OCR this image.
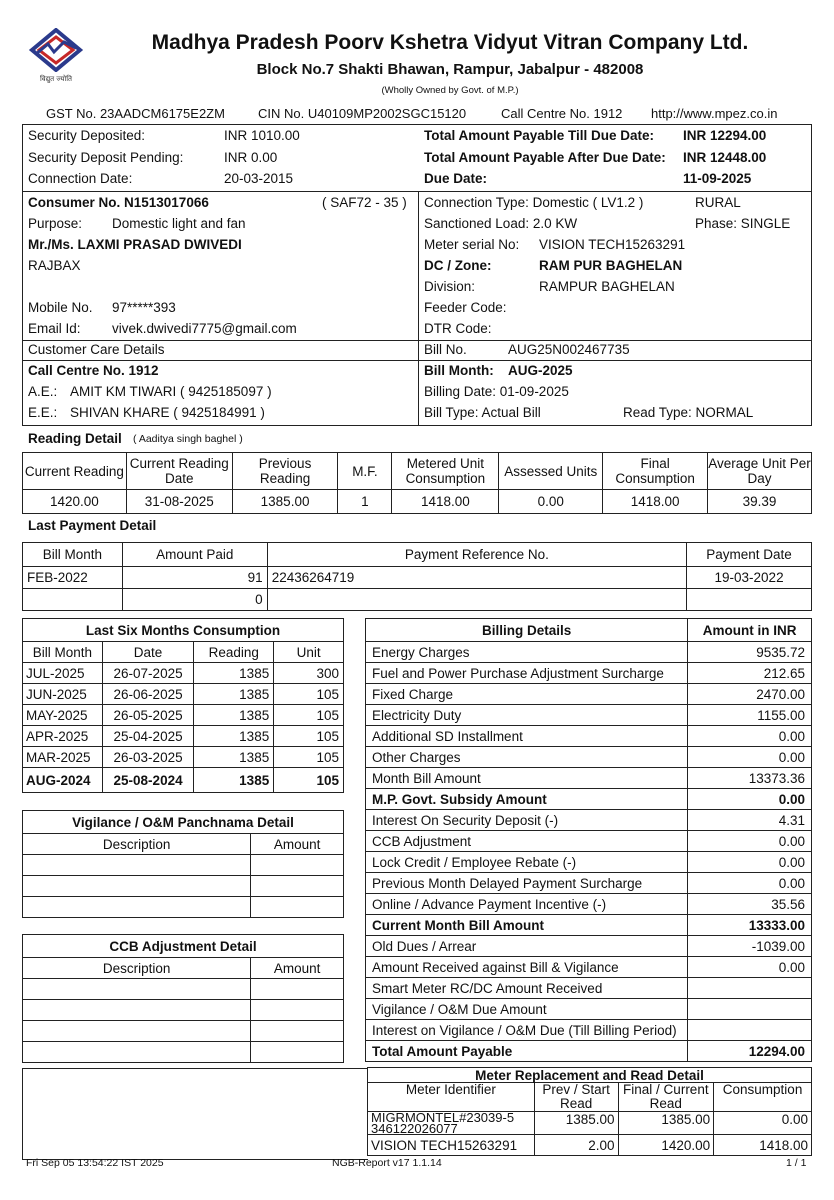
विद्युत ज्योति
Madhya Pradesh Poorv Kshetra Vidyut Vitran Company Ltd.
Block No.7 Shakti Bhawan, Rampur, Jabalpur - 482008
(Wholly Owned by Govt. of M.P.)
GST No. 23AADCM6175E2ZM	CIN No. U40109MP2002SGC15120	Call Centre No. 1912 http://www.mpez.co.in
Security Deposited:	INR 1010.00
Security Deposit Pending:	INR 0.00
Connection Date:	20-03-2015
Total Amount Payable Till Due Date: INR 12294.00
Total Amount Payable After Due Date: INR 12448.00
Due Date:	11-09-2025
Consumer No. N1513017066	( SAF72 - 35 )
Purpose: Domestic light and fan
Mr./Ms. LAXMI PRASAD DWIVEDI
RAJBAX
Mobile No. 97*****393
Email Id: vivek.dwivedi7775@gmail.com
Connection Type: Domestic ( LV1.2 )	RURAL
Sanctioned Load: 2.0 KW	Phase: SINGLE
Meter serial No: VISION TECH15263291
DC / Zone:	RAM PUR BAGHELAN
Division:	RAMPUR BAGHELAN
Feeder Code:
DTR Code:
Customer Care Details
Call Centre No. 1912
A.E.: AMIT KM TIWARI ( 9425185097 )
E.E.: SHIVAN KHARE ( 9425184991 )
Bill No.	AUG25N002467735
Bill Month: AUG-2025
Billing Date: 01-09-2025
Bill Type: Actual Bill	Read Type: NORMAL
Reading Detail ( Aaditya singh baghel )
Current Reading	Current Reading Date	Previous Reading	M.F.	Metered Unit Consumption	Assessed Units	Final Consumption	Average Unit Per Day
1420.00	31-08-2025	1385.00	1	1418.00	0.00	1418.00	39.39
Last Payment Detail
Bill Month	Amount Paid	Payment Reference No.	Payment Date
FEB-2022	91	22436264719	19-03-2022
	0		
Last Six Months Consumption			
Bill Month	Date	Reading	Unit
JUL-2025	26-07-2025	1385	300
JUN-2025	26-06-2025	1385	105
MAY-2025	26-05-2025	1385	105
APR-2025	25-04-2025	1385	105
MAR-2025	26-03-2025	1385	105
AUG-2024	25-08-2024	1385	105
Vigilance / O&M Panchnama Detail	
Description	Amount

CCB Adjustment Detail	
Description	Amount

Billing Details	Amount in INR
Energy Charges	9535.72
Fuel and Power Purchase Adjustment Surcharge	212.65
Fixed Charge	2470.00
Electricity Duty	1155.00
Additional SD Installment	0.00
Other Charges	0.00
Month Bill Amount	13373.36
M.P. Govt. Subsidy Amount	0.00
Interest On Security Deposit (-)	4.31
CCB Adjustment	0.00
Lock Credit / Employee Rebate (-)	0.00
Previous Month Delayed Payment Surcharge	0.00
Online / Advance Payment Incentive (-)	35.56
Current Month Bill Amount	13333.00
Old Dues / Arrear	-1039.00
Amount Received against Bill & Vigilance	0.00
Smart Meter RC/DC Amount Received	
Vigilance / O&M Due Amount	
Interest on Vigilance / O&M Due (Till Billing Period)	
Total Amount Payable	12294.00
Meter Replacement and Read Detail			
Meter Identifier	Prev / Start Read	Final / Current Read	Consumption
MIGRMONTEL#23039-5 346122026077	1385.00	1385.00	0.00
VISION TECH15263291	2.00	1420.00	1418.00
Fri Sep 05 13:54:22 IST 2025	NGB-Report v17 1.1.14	1 / 1
